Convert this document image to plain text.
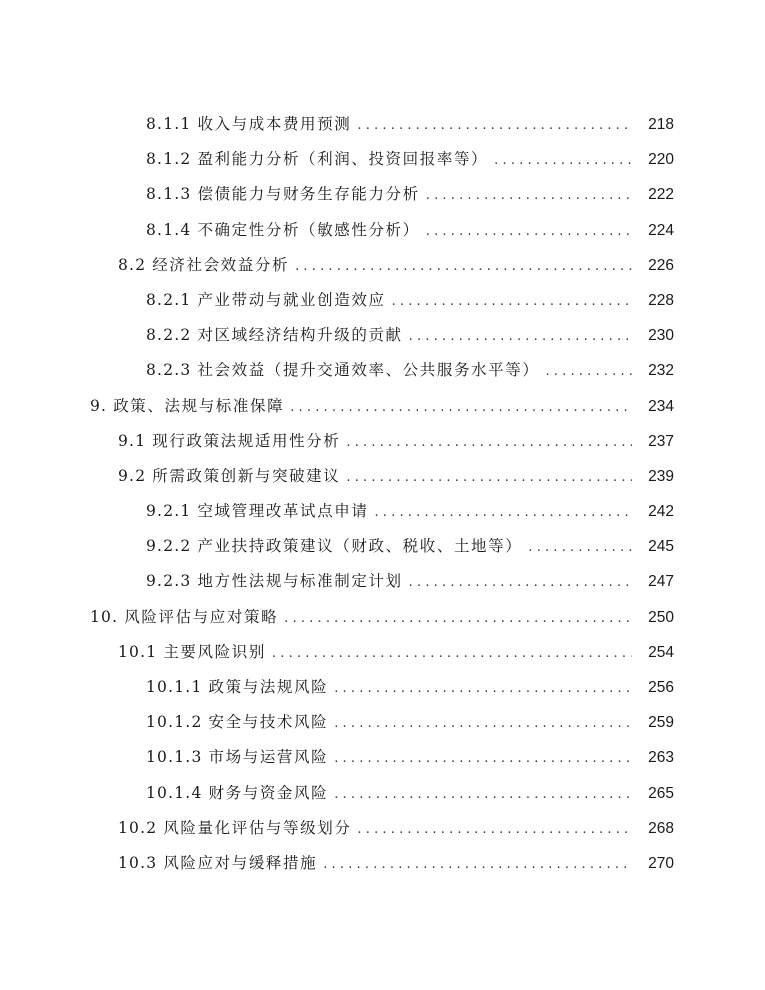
8.1.1 收入与成本费用预测 .....	218
8.1.2 盈利能力分析（利润、投资回报率等） .....	220
8.1.3 偿债能力与财务生存能力分析 .....	222
8.1.4 不确定性分析（敏感性分析） .....	224
8.2 经济社会效益分析 .....	226
8.2.1 产业带动与就业创造效应 .....	228
8.2.2 对区域经济结构升级的贡献 .....	230
8.2.3 社会效益（提升交通效率、公共服务水平等） .....	232
9. 政策、法规与标准保障 .....	234
9.1 现行政策法规适用性分析 .....	237
9.2 所需政策创新与突破建议 .....	239
9.2.1 空域管理改革试点申请 .....	242
9.2.2 产业扶持政策建议（财政、税收、土地等） .....	245
9.2.3 地方性法规与标准制定计划 .....	247
10. 风险评估与应对策略 .....	250
10.1 主要风险识别 .....	254
10.1.1 政策与法规风险 .....	256
10.1.2 安全与技术风险 .....	259
10.1.3 市场与运营风险 .....	263
10.1.4 财务与资金风险 .....	265
10.2 风险量化评估与等级划分 .....	268
10.3 风险应对与缓释措施 .....	270
